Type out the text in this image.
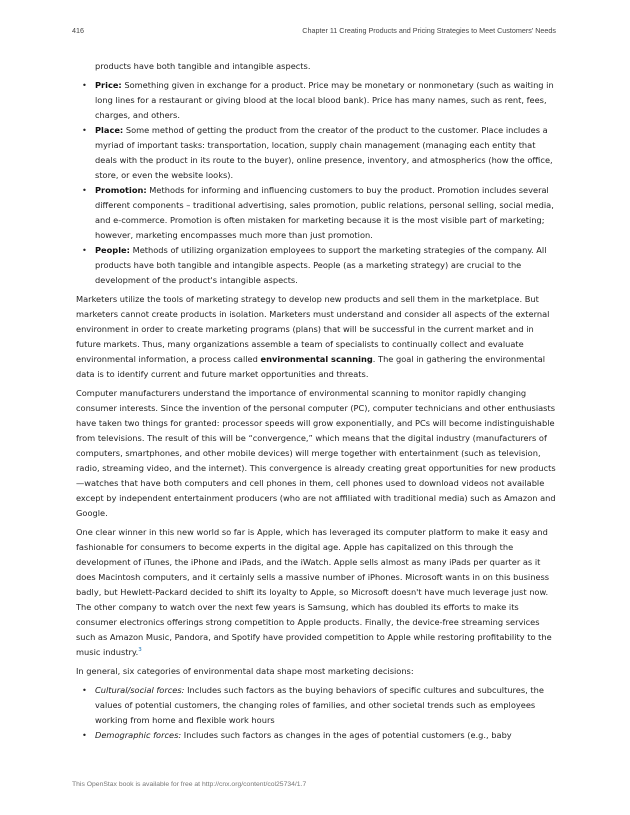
416	Chapter 11 Creating Products and Pricing Strategies to Meet Customers' Needs

products have both tangible and intangible aspects.

• Price: Something given in exchange for a product. Price may be monetary or nonmonetary (such as waiting in long lines for a restaurant or giving blood at the local blood bank). Price has many names, such as rent, fees, charges, and others.
• Place: Some method of getting the product from the creator of the product to the customer. Place includes a myriad of important tasks: transportation, location, supply chain management (managing each entity that deals with the product in its route to the buyer), online presence, inventory, and atmospherics (how the office, store, or even the website looks).
• Promotion: Methods for informing and influencing customers to buy the product. Promotion includes several different components – traditional advertising, sales promotion, public relations, personal selling, social media, and e-commerce. Promotion is often mistaken for marketing because it is the most visible part of marketing; however, marketing encompasses much more than just promotion.
• People: Methods of utilizing organization employees to support the marketing strategies of the company. All products have both tangible and intangible aspects. People (as a marketing strategy) are crucial to the development of the product's intangible aspects.

Marketers utilize the tools of marketing strategy to develop new products and sell them in the marketplace. But marketers cannot create products in isolation. Marketers must understand and consider all aspects of the external environment in order to create marketing programs (plans) that will be successful in the current market and in future markets. Thus, many organizations assemble a team of specialists to continually collect and evaluate environmental information, a process called environmental scanning. The goal in gathering the environmental data is to identify current and future market opportunities and threats.

Computer manufacturers understand the importance of environmental scanning to monitor rapidly changing consumer interests. Since the invention of the personal computer (PC), computer technicians and other enthusiasts have taken two things for granted: processor speeds will grow exponentially, and PCs will become indistinguishable from televisions. The result of this will be “convergence,” which means that the digital industry (manufacturers of computers, smartphones, and other mobile devices) will merge together with entertainment (such as television, radio, streaming video, and the internet). This convergence is already creating great opportunities for new products—watches that have both computers and cell phones in them, cell phones used to download videos not available except by independent entertainment producers (who are not affiliated with traditional media) such as Amazon and Google.

One clear winner in this new world so far is Apple, which has leveraged its computer platform to make it easy and fashionable for consumers to become experts in the digital age. Apple has capitalized on this through the development of iTunes, the iPhone and iPads, and the iWatch. Apple sells almost as many iPads per quarter as it does Macintosh computers, and it certainly sells a massive number of iPhones. Microsoft wants in on this business badly, but Hewlett-Packard decided to shift its loyalty to Apple, so Microsoft doesn't have much leverage just now. The other company to watch over the next few years is Samsung, which has doubled its efforts to make its consumer electronics offerings strong competition to Apple products. Finally, the device-free streaming services such as Amazon Music, Pandora, and Spotify have provided competition to Apple while restoring profitability to the music industry.$^3$

In general, six categories of environmental data shape most marketing decisions:

• Cultural/social forces: Includes such factors as the buying behaviors of specific cultures and subcultures, the values of potential customers, the changing roles of families, and other societal trends such as employees working from home and flexible work hours
• Demographic forces: Includes such factors as changes in the ages of potential customers (e.g., baby
This OpenStax book is available for free at http://cnx.org/content/col25734/1.7
